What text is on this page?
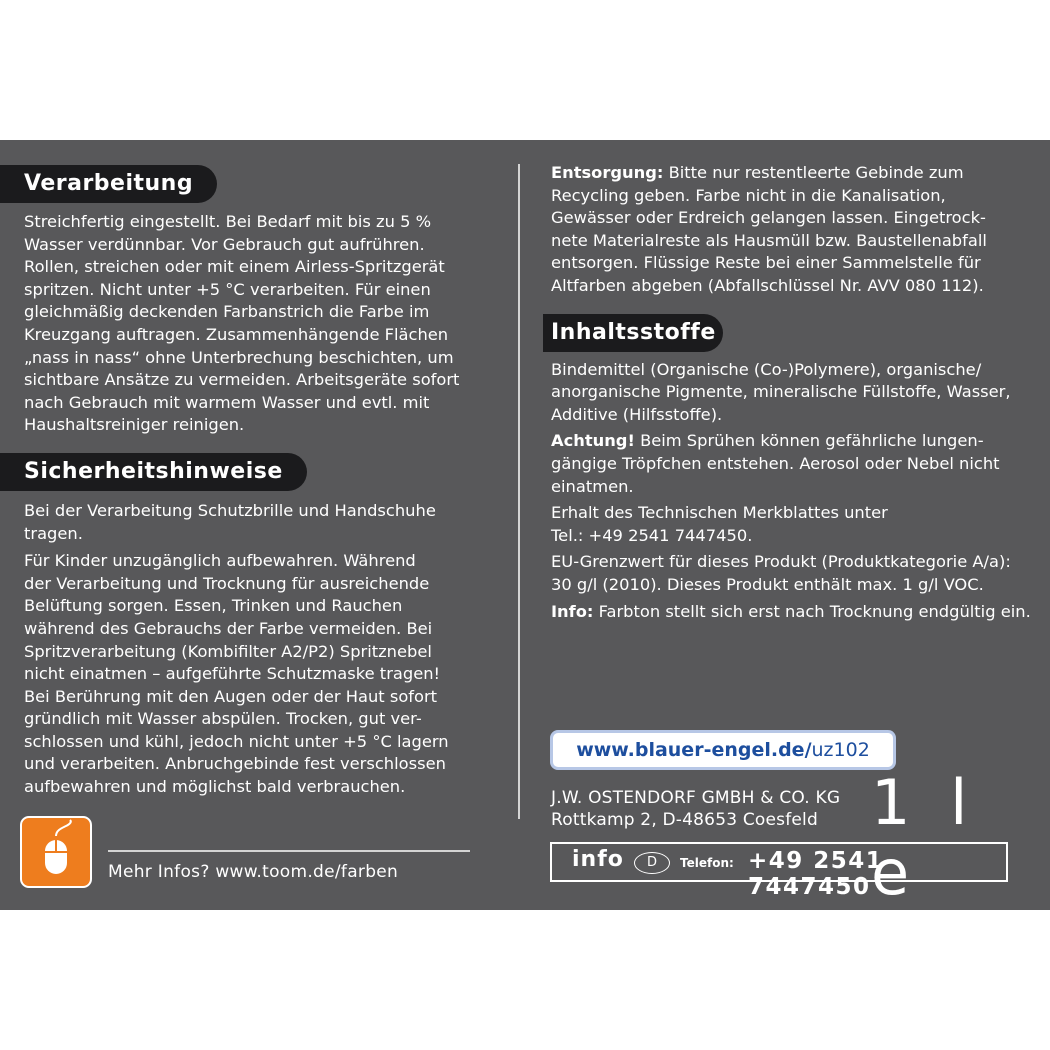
Verarbeitung

Streichfertig eingestellt. Bei Bedarf mit bis zu 5 %

Wasser verdünnbar. Vor Gebrauch gut aufrühren.

Rollen, streichen oder mit einem Airless-Spritzgerät

spritzen. Nicht unter +5 °C verarbeiten. Für einen

gleichmäßig deckenden Farbanstrich die Farbe im

Kreuzgang auftragen. Zusammenhängende Flächen

„nass in nass“ ohne Unterbrechung beschichten, um

sichtbare Ansätze zu vermeiden. Arbeitsgeräte sofort

nach Gebrauch mit warmem Wasser und evtl. mit

Haushaltsreiniger reinigen.

Sicherheitshinweise

Bei der Verarbeitung Schutzbrille und Handschuhe

tragen.

Für Kinder unzugänglich aufbewahren. Während

der Verarbeitung und Trocknung für ausreichende

Belüftung sorgen. Essen, Trinken und Rauchen

während des Gebrauchs der Farbe vermeiden. Bei

Spritzverarbeitung (Kombifilter A2/P2) Spritznebel

nicht einatmen – aufgeführte Schutzmaske tragen!

Bei Berührung mit den Augen oder der Haut sofort

gründlich mit Wasser abspülen. Trocken, gut ver-

schlossen und kühl, jedoch nicht unter +5 °C lagern

und verarbeiten. Anbruchgebinde fest verschlossen

aufbewahren und möglichst bald verbrauchen.

Mehr Infos? www.toom.de/farben

Entsorgung: Bitte nur restentleerte Gebinde zum

Recycling geben. Farbe nicht in die Kanalisation,

Gewässer oder Erdreich gelangen lassen. Eingetrock-

nete Materialreste als Hausmüll bzw. Baustellenabfall

entsorgen. Flüssige Reste bei einer Sammelstelle für

Altfarben abgeben (Abfallschlüssel Nr. AVV 080 112).

Inhaltsstoffe

Bindemittel (Organische (Co-)Polymere), organische/

anorganische Pigmente, mineralische Füllstoffe, Wasser,

Additive (Hilfsstoffe).

Achtung! Beim Sprühen können gefährliche lungen-

gängige Tröpfchen entstehen. Aerosol oder Nebel nicht

einatmen.

Erhalt des Technischen Merkblattes unter

Tel.: +49 2541 7447450.

EU-Grenzwert für dieses Produkt (Produktkategorie A/a):

30 g/l (2010). Dieses Produkt enthält max. 1 g/l VOC.

Info: Farbton stellt sich erst nach Trocknung endgültig ein.

www.blauer-engel.de/uz102
J.W. OSTENDORF GMBH & CO. KG
Rottkamp 2, D-48653 Coesfeld 1 l e
info	D	Telefon: +49 2541 7447450
